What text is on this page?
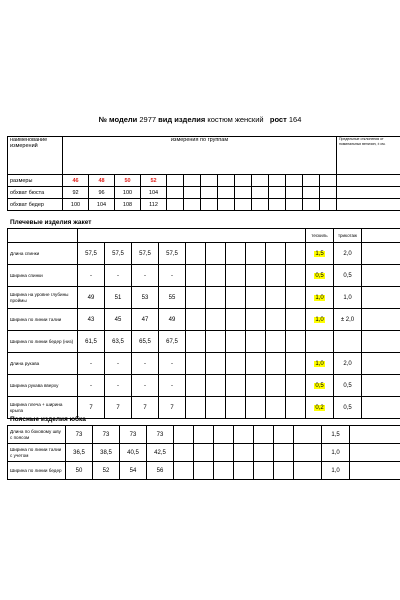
№ модели 2977 вид изделия костюм женский рост 164
наименование измерений	измерения по группам														Предельные отклонения от номинальных величин, ± см.
размеры	46	48	50	52											
обхват бюста	92	96	100	104											
обхват бедер	100	104	108	112											
Плечевые изделия жакет
											тескиль	трикотаж	
Длина спинки	57,5	57,5	57,5	57,5							1,5	2,0	
Ширина спинки	-	-	-	-							0,5	0,5	
Ширина на уровне глубины проймы	49	51	53	55							1,0	1,0	
Ширина по линии талии	43	45	47	49							1,0	± 2,0	
Ширина по линии бедер (низ)	61,5	63,5	65,5	67,5									
Длина рукава	-	-	-	-							1,0	2,0	
Ширина рукава вверху	-	-	-	-							0,5	0,5	
Ширина плеча + ширина крыла	7	7	7	7							0,2	0,5	
Поясные изделия юбка
Длина по боковому шву с поясом	73	73	73	73								1,5	
Ширина по линии талии с учетом	36,5	38,5	40,5	42,5								1,0	
Ширина по линии бедер	50	52	54	56								1,0	
